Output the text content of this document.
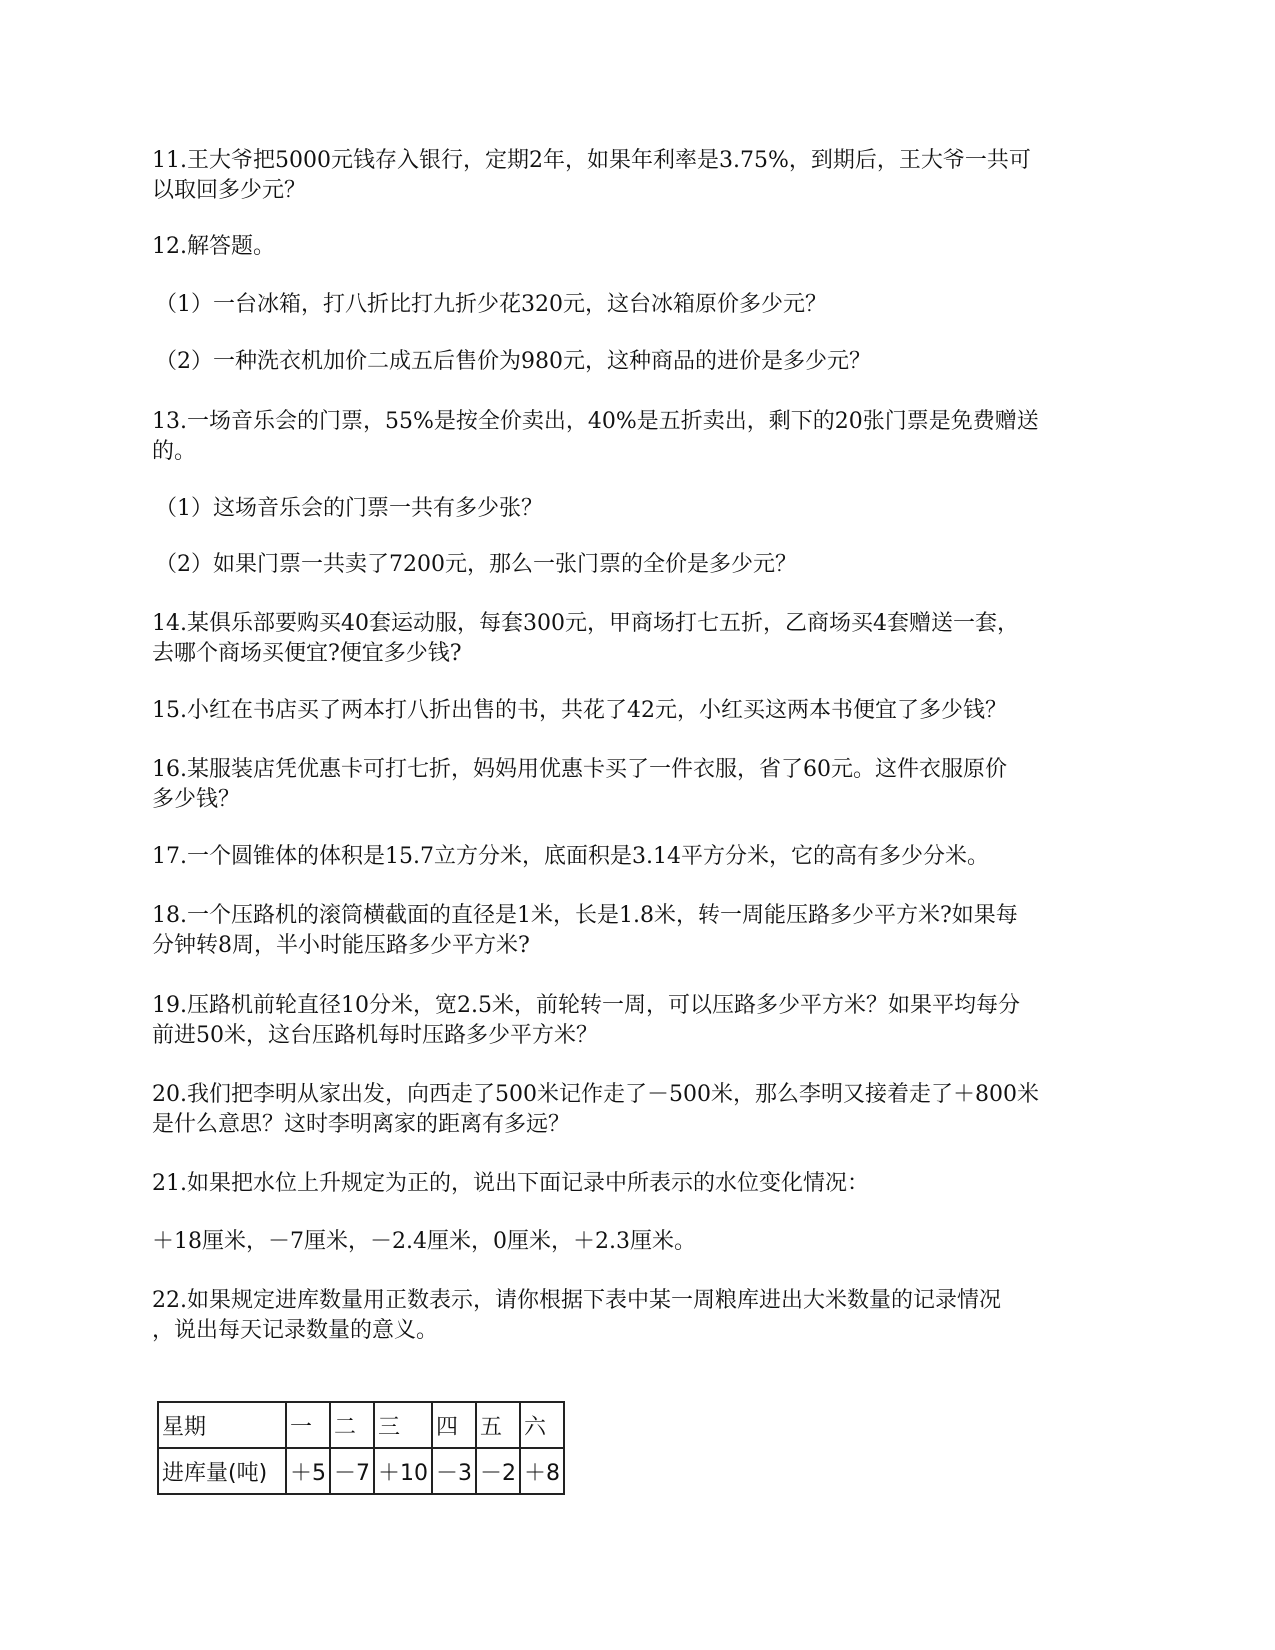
11.王大爷把5000元钱存入银行，定期2年，如果年利率是3.75%，到期后，王大爷一共可

以取回多少元？

12.解答题。

（1）一台冰箱，打八折比打九折少花320元，这台冰箱原价多少元？

（2）一种洗衣机加价二成五后售价为980元，这种商品的进价是多少元？

13.一场音乐会的门票，55%是按全价卖出，40%是五折卖出，剩下的20张门票是免费赠送

的。

（1）这场音乐会的门票一共有多少张？

（2）如果门票一共卖了7200元，那么一张门票的全价是多少元？

14.某俱乐部要购买40套运动服，每套300元，甲商场打七五折，乙商场买4套赠送一套，

去哪个商场买便宜?便宜多少钱?

15.小红在书店买了两本打八折出售的书，共花了42元，小红买这两本书便宜了多少钱？

16.某服装店凭优惠卡可打七折，妈妈用优惠卡买了一件衣服，省了60元。这件衣服原价

多少钱？

17.一个圆锥体的体积是15.7立方分米，底面积是3.14平方分米，它的高有多少分米。

18.一个压路机的滚筒横截面的直径是1米，长是1.8米，转一周能压路多少平方米?如果每

分钟转8周，半小时能压路多少平方米?

19.压路机前轮直径10分米，宽2.5米，前轮转一周，可以压路多少平方米？如果平均每分

前进50米，这台压路机每时压路多少平方米？

20.我们把李明从家出发，向西走了500米记作走了－500米，那么李明又接着走了＋800米

是什么意思？这时李明离家的距离有多远？

21.如果把水位上升规定为正的，说出下面记录中所表示的水位变化情况：

＋18厘米，－7厘米，－2.4厘米，0厘米，＋2.3厘米。

22.如果规定进库数量用正数表示，请你根据下表中某一周粮库进出大米数量的记录情况

，说出每天记录数量的意义。

星期	一	二	三	四	五	六
进库量(吨)	＋5	－7	＋10	－3	－2	＋8
